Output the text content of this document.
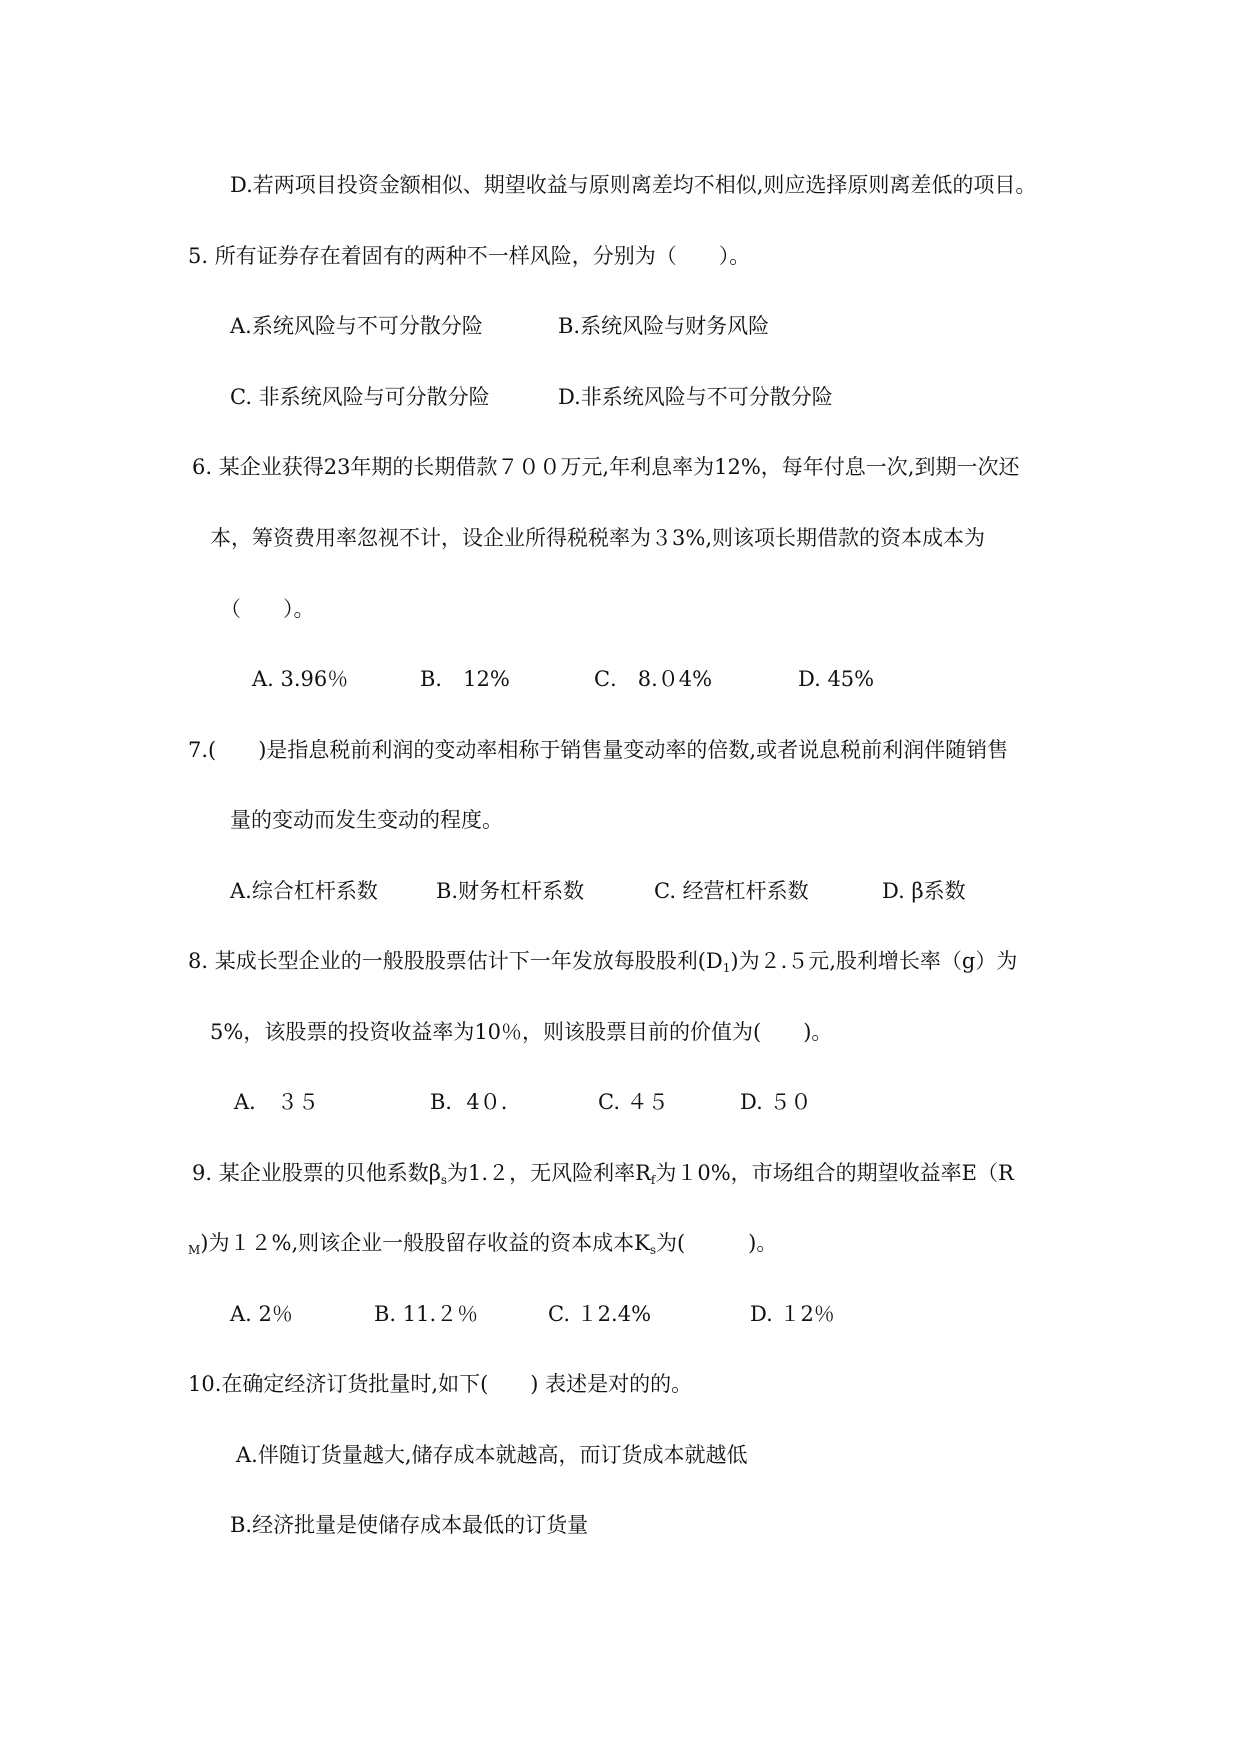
D.若两项目投资金额相似、期望收益与原则离差均不相似,则应选择原则离差低的项目。
5. 所有证券存在着固有的两种不一样风险，分别为（　　）。
A.系统风险与不可分散分险	B.系统风险与财务风险
C. 非系统风险与可分散分险	D.非系统风险与不可分散分险
6. 某企业获得23年期的长期借款７００万元,年利息率为12%，每年付息一次,到期一次还
本，筹资费用率忽视不计，设企业所得税税率为３3%,则该项长期借款的资本成本为
（　　）。
A. 3.96％	B． 12%	C． 8.０4%	D. 45%
7.(　　)是指息税前利润的变动率相称于销售量变动率的倍数,或者说息税前利润伴随销售
量的变动而发生变动的程度。
A.综合杠杆系数	B.财务杠杆系数	C. 经营杠杆系数	D. β系数
8. 某成长型企业的一般股股票估计下一年发放每股股利$(D_1)$为２.５元,股利增长率（g）为
5%，该股票的投资收益率为10％，则该股票目前的价值为(　　)。
A． ３５	B．4０.	C. ４５	D. ５０
9. 某企业股票的贝他系数$\beta_s$为1.２，无风险利率$R_f$为１0%，市场组合的期望收益率E（R
$_M$)为１２%,则该企业一般股留存收益的资本成本$K_s$为(　　　)。
A. 2％	B. 11.２％	C. １2.4%	D. １2％
10.在确定经济订货批量时,如下(　　) 表述是对的的。
A.伴随订货量越大,储存成本就越高，而订货成本就越低
B.经济批量是使储存成本最低的订货量
